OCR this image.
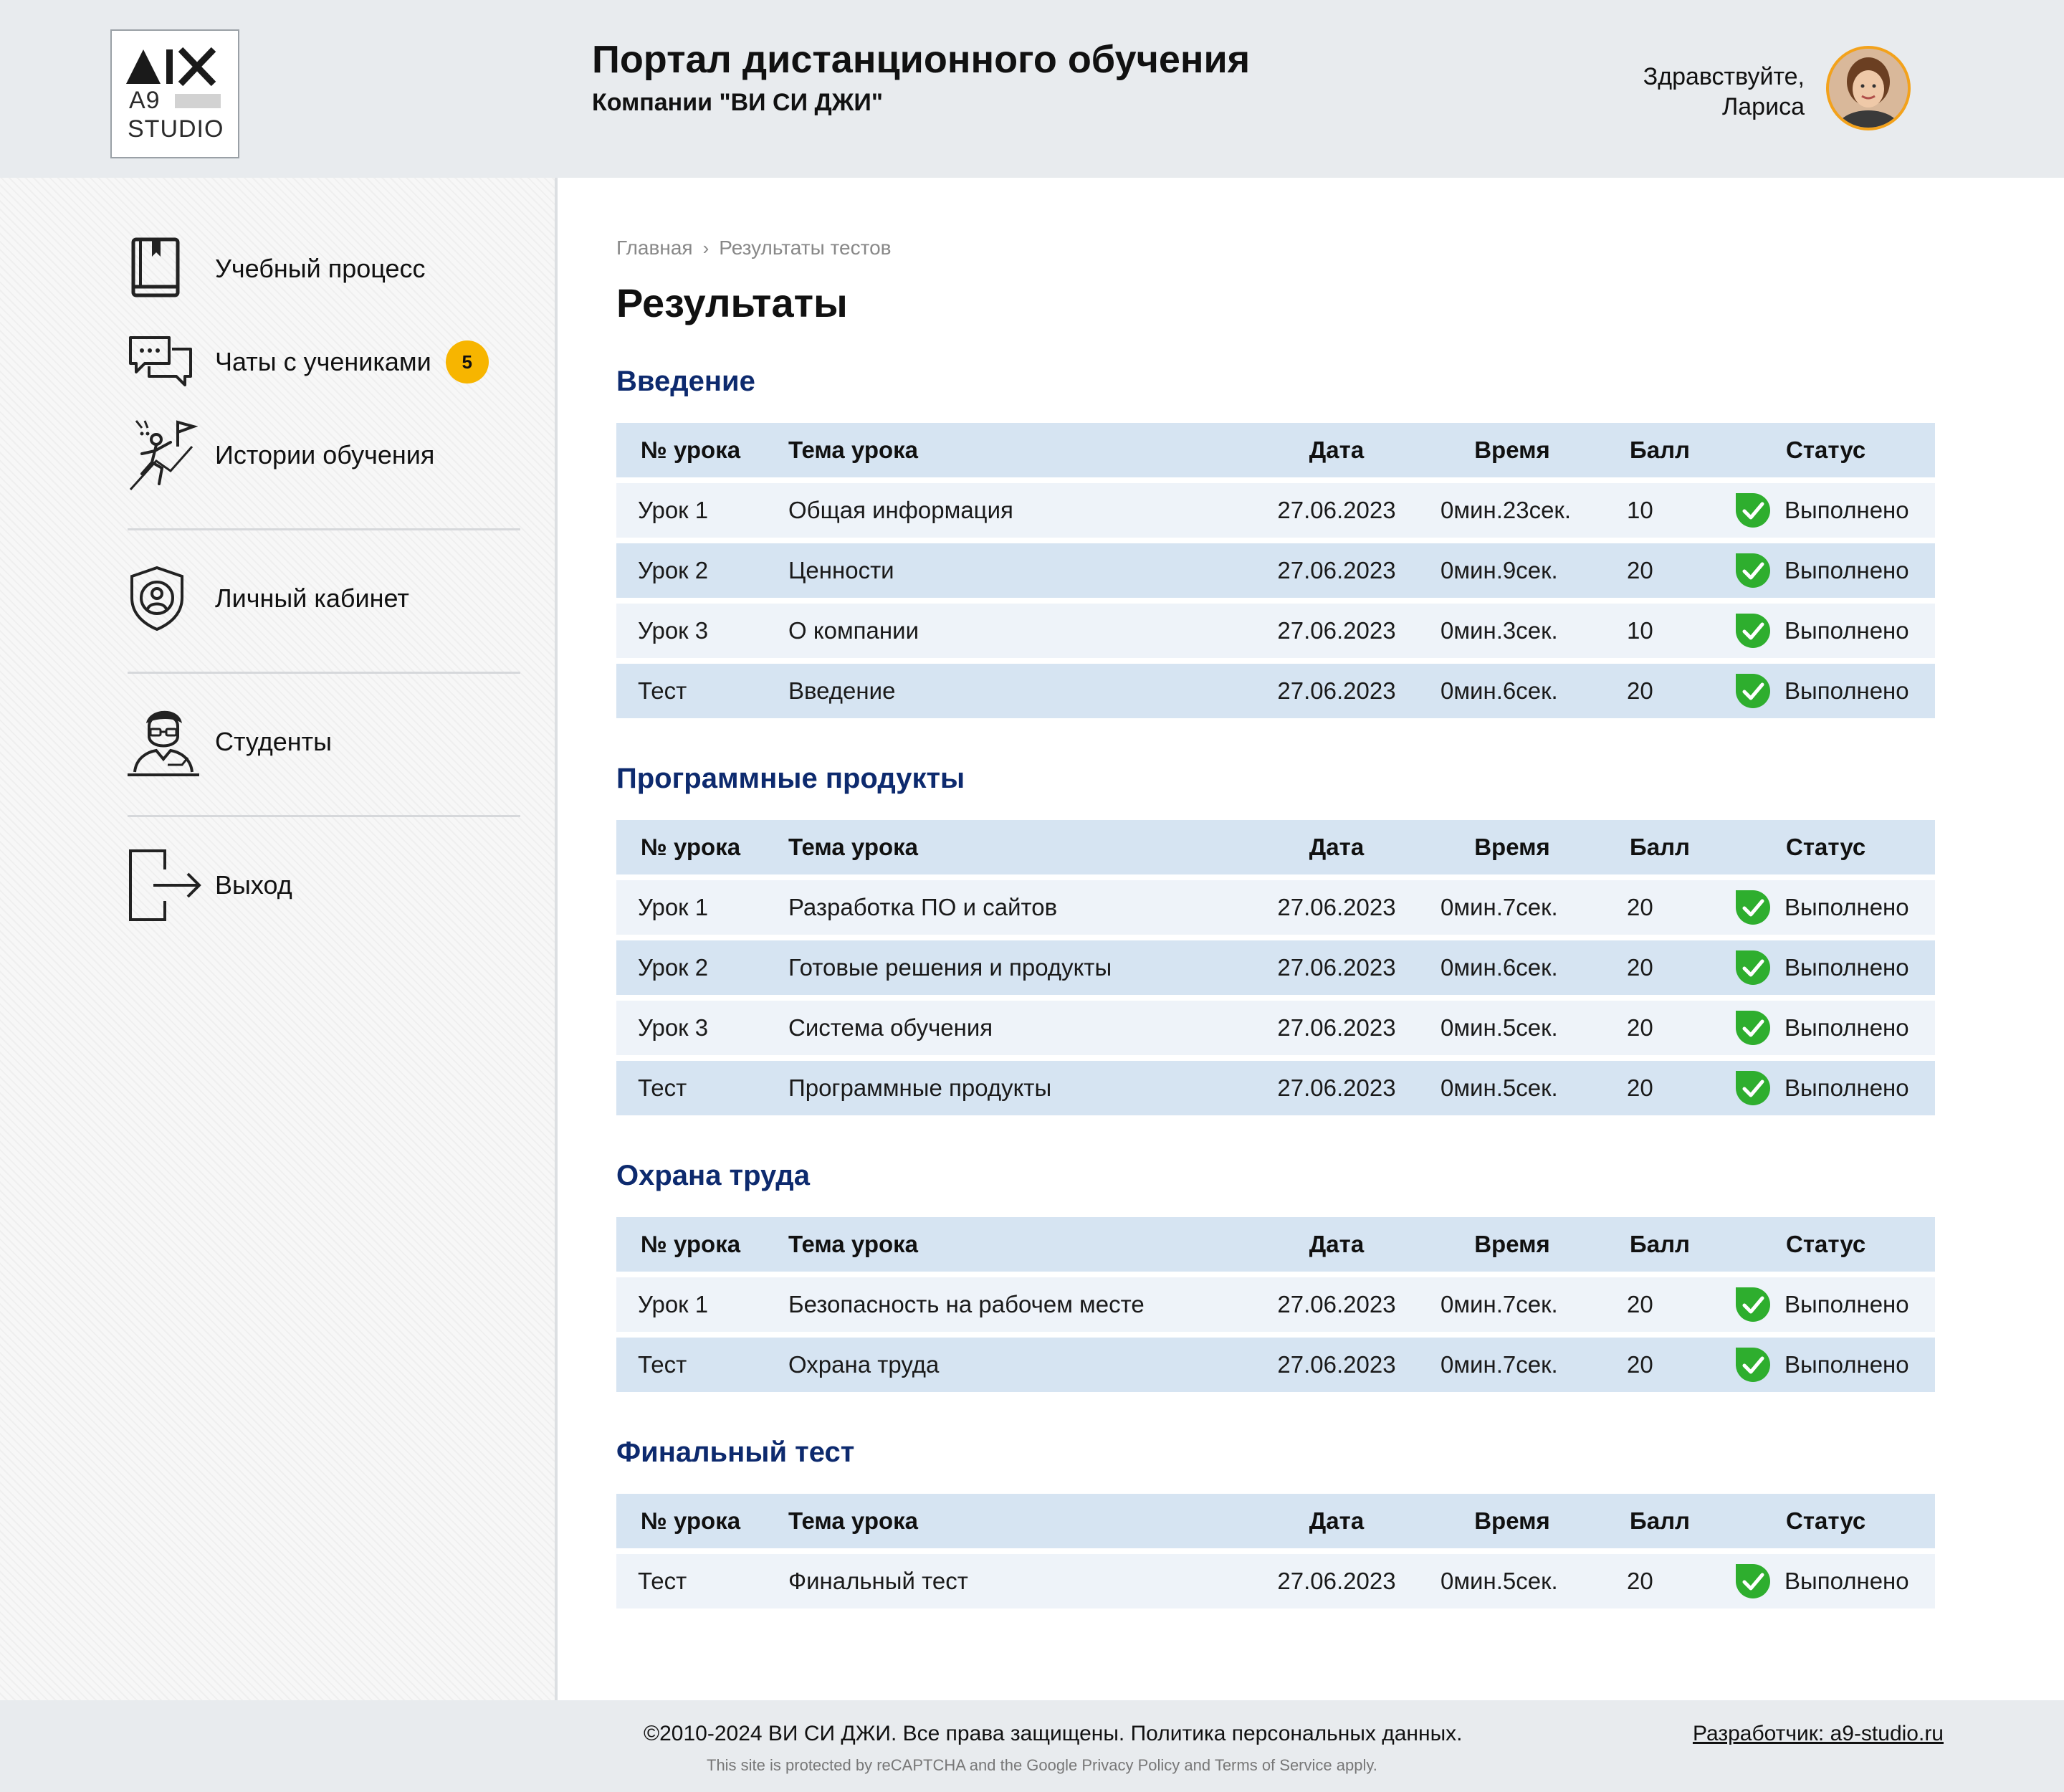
A9
STUDIO
Портал дистанционного обучения
Компании "ВИ СИ ДЖИ"
Здравствуйте,
Лариса
Учебный процесс
Чаты с учениками	5
Истории обучения
Личный кабинет
Студенты
Выход
Главная › Результаты тестов
Результаты
Введение
№ урока Тема урока	Дата	Время	Балл	Статус
Урок 1	Общая информация	27.06.2023 0мин.23сек.	10	Выполнено
Урок 2	Ценности	27.06.2023 0мин.9сек.	20	Выполнено
Урок 3	О компании	27.06.2023 0мин.3сек.	10	Выполнено
Тест	Введение	27.06.2023 0мин.6сек.	20	Выполнено
Программные продукты
№ урока Тема урока	Дата	Время	Балл	Статус
Урок 1	Разработка ПО и сайтов	27.06.2023 0мин.7сек.	20	Выполнено
Урок 2	Готовые решения и продукты	27.06.2023 0мин.6сек.	20	Выполнено
Урок 3	Система обучения	27.06.2023 0мин.5сек.	20	Выполнено
Тест	Программные продукты	27.06.2023 0мин.5сек.	20	Выполнено
Охрана труда
№ урока Тема урока	Дата	Время	Балл	Статус
Урок 1	Безопасность на рабочем месте	27.06.2023 0мин.7сек.	20	Выполнено
Тест	Охрана труда	27.06.2023 0мин.7сек.	20	Выполнено
Финальный тест
№ урока Тема урока	Дата	Время	Балл	Статус
Тест	Финальный тест	27.06.2023 0мин.5сек.	20	Выполнено
©2010-2024 ВИ СИ ДЖИ. Все права защищены. Политика персональных данных.
This site is protected by reCAPTCHA and the Google Privacy Policy and Terms of Service apply.
Разработчик: a9-studio.ru
